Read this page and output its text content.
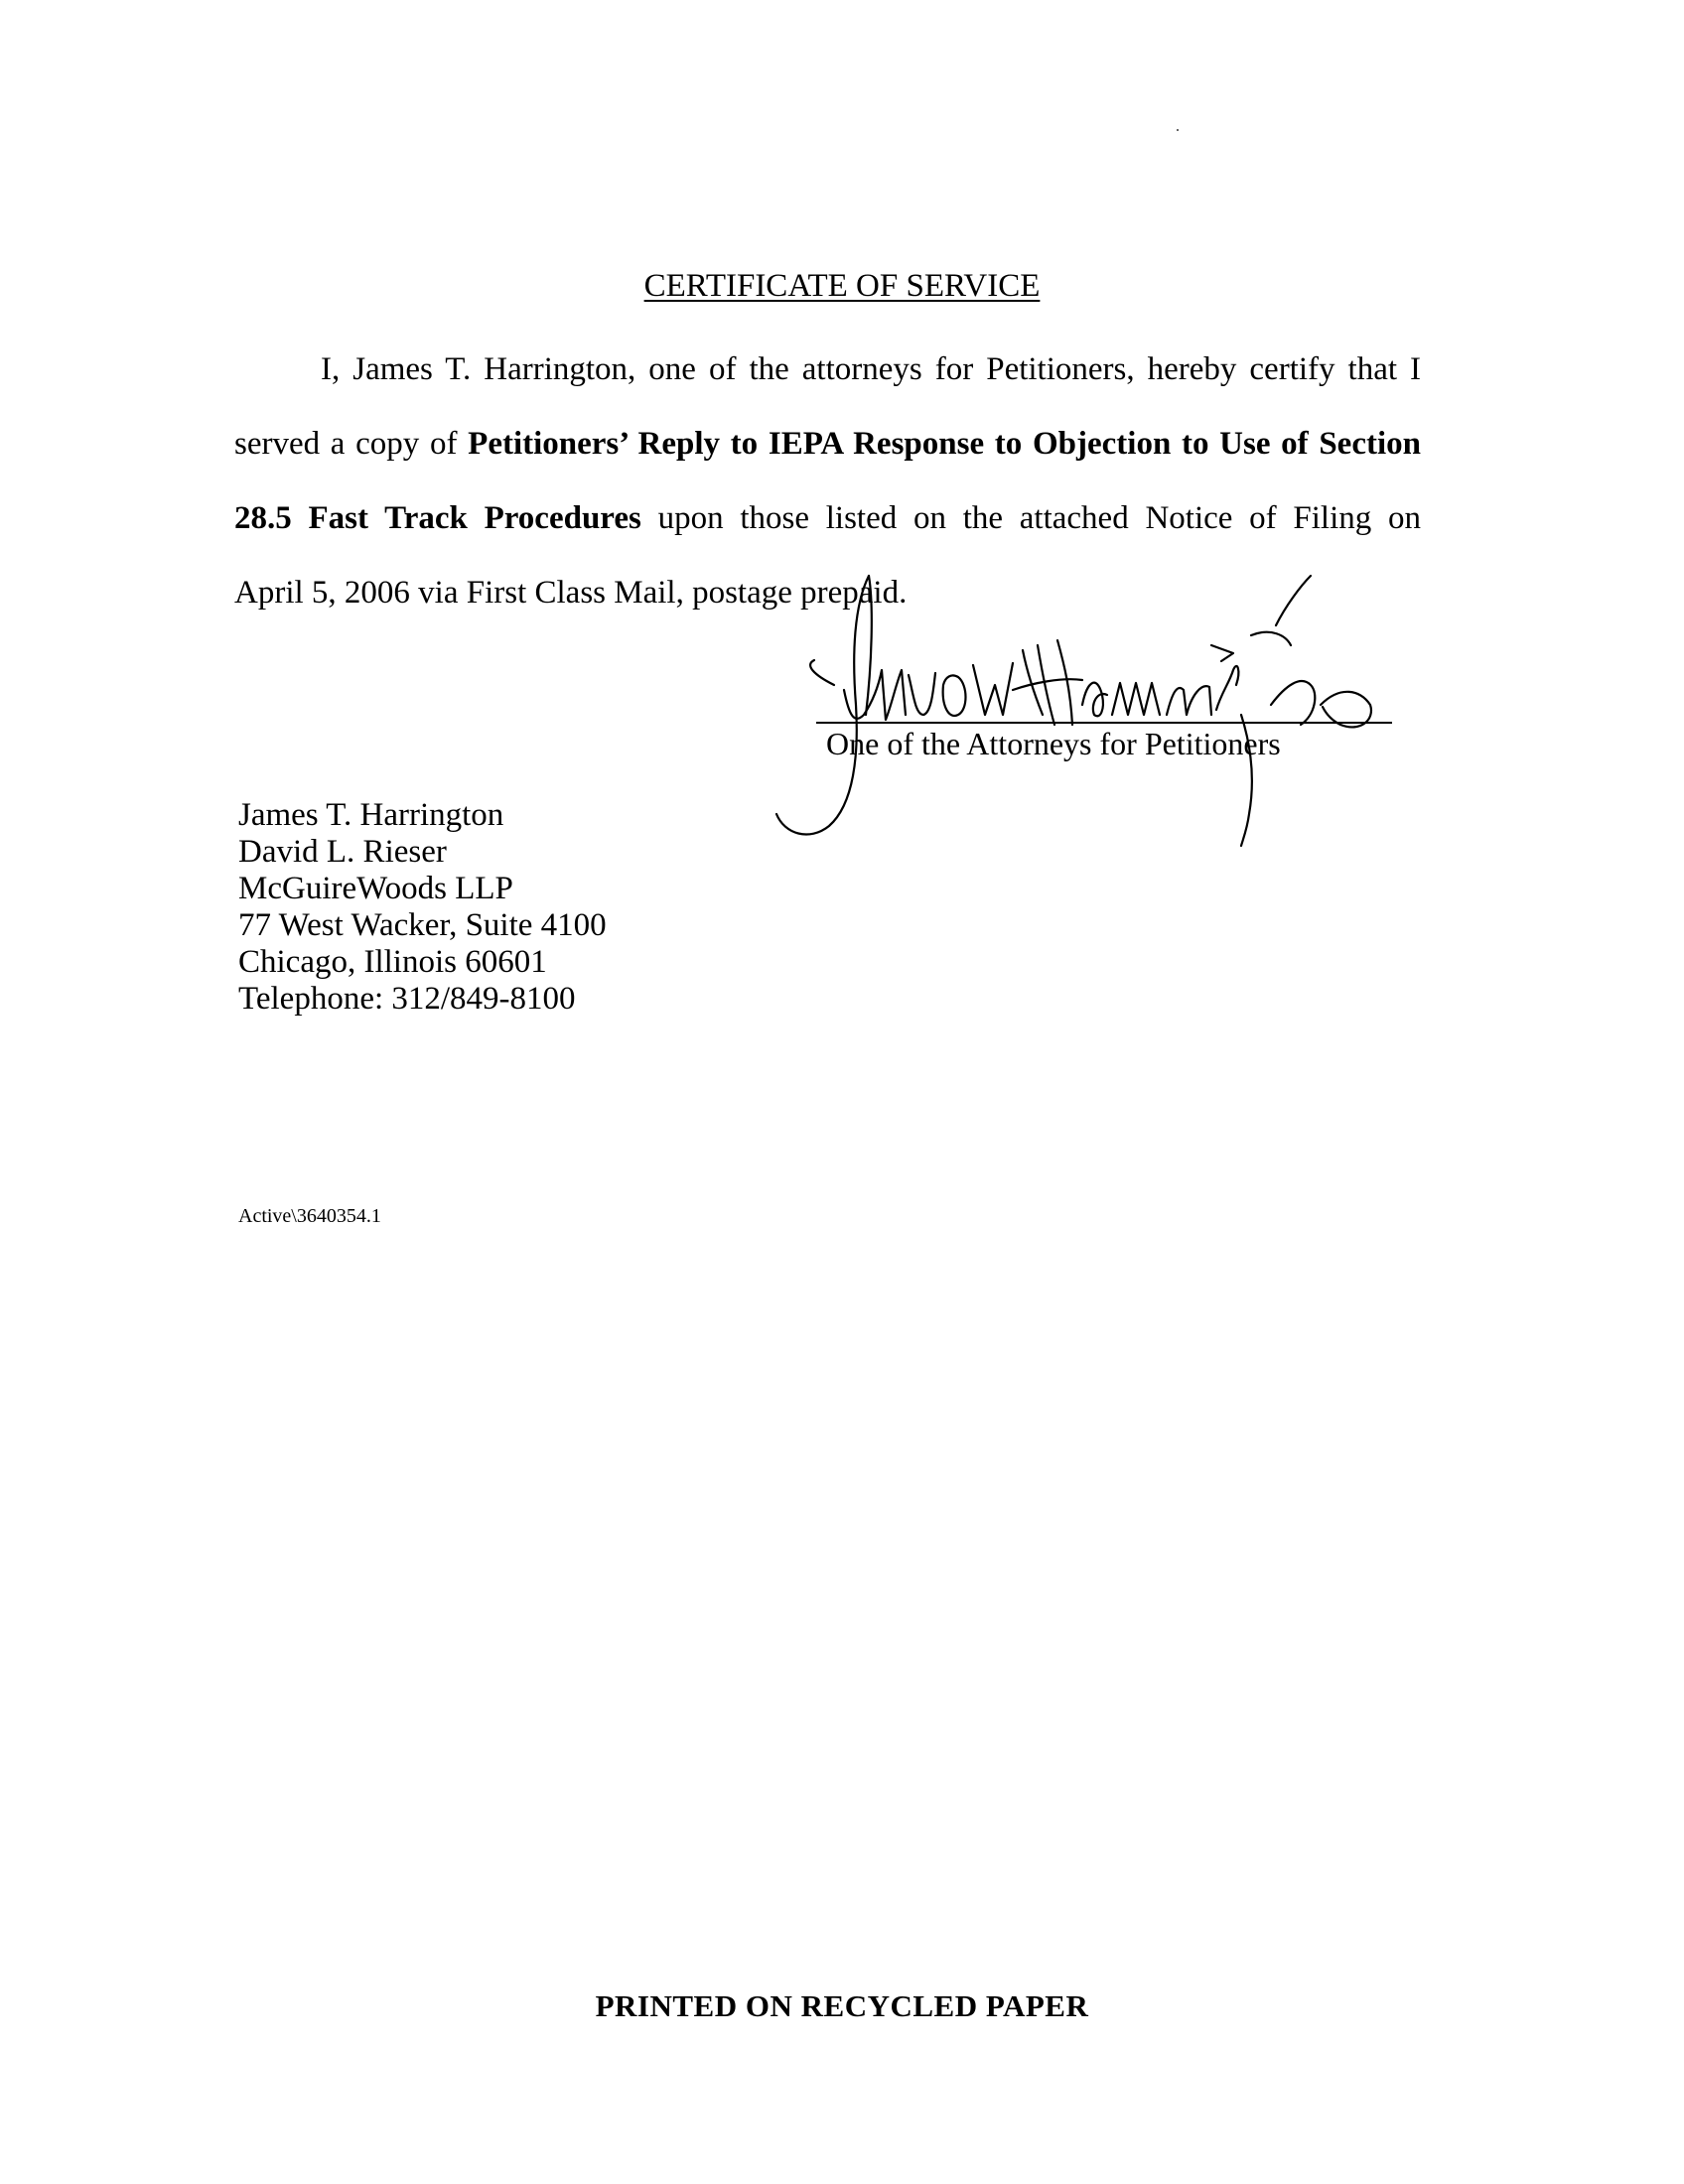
CERTIFICATE OF SERVICE
I, James T. Harrington, one of the attorneys for Petitioners, hereby certify that I
served a copy of Petitioners’ Reply to IEPA Response to Objection to Use of Section
28.5 Fast Track Procedures upon those listed on the attached Notice of Filing on
April 5, 2006 via First Class Mail, postage prepaid.
One of the Attorneys for Petitioners
James T. Harrington
David L. Rieser
McGuireWoods LLP
77 West Wacker, Suite 4100
Chicago, Illinois 60601
Telephone: 312/849-8100
Active\3640354.1
PRINTED ON RECYCLED PAPER
